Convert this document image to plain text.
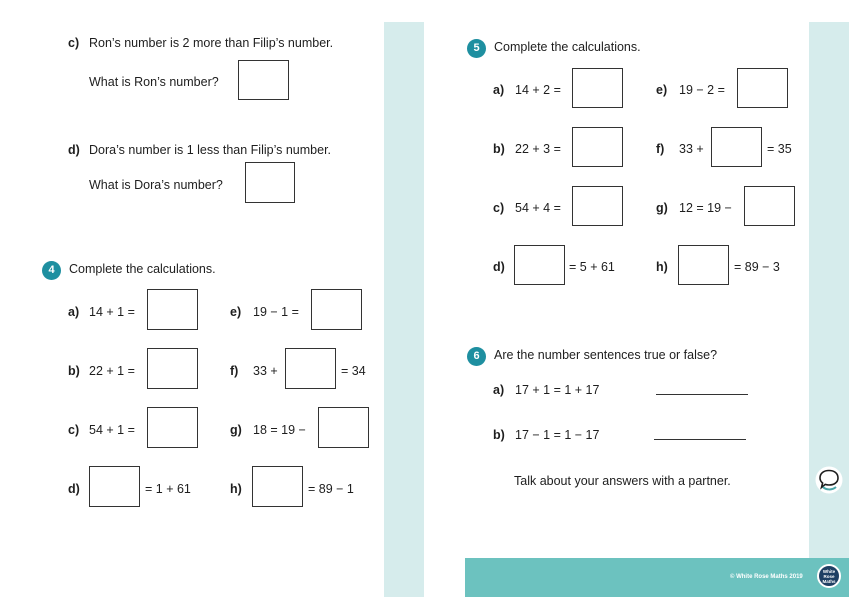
c) Ron’s number is 2 more than Filip’s number.
What is Ron’s number?
d) Dora’s number is 1 less than Filip’s number.
What is Dora’s number?
4	Complete the calculations.
a) 14 + 1 =
b) 22 + 1 =
c) 54 + 1 =
d)	= 1 + 61
e) 19 − 1 =
f) 33 +	= 34
g) 18 = 19 −
h)	= 89 − 1
5	Complete the calculations.
a) 14 + 2 =
b) 22 + 3 =
c) 54 + 4 =
d)	= 5 + 61
e) 19 − 2 =
f) 33 +	= 35
g) 12 = 19 −
h)	= 89 − 3
6	Are the number sentences true or false?
a) 17 + 1 = 1 + 17
b) 17 − 1 = 1 − 17
Talk about your answers with a partner.
© White Rose Maths 2019
White
Rose
Maths
